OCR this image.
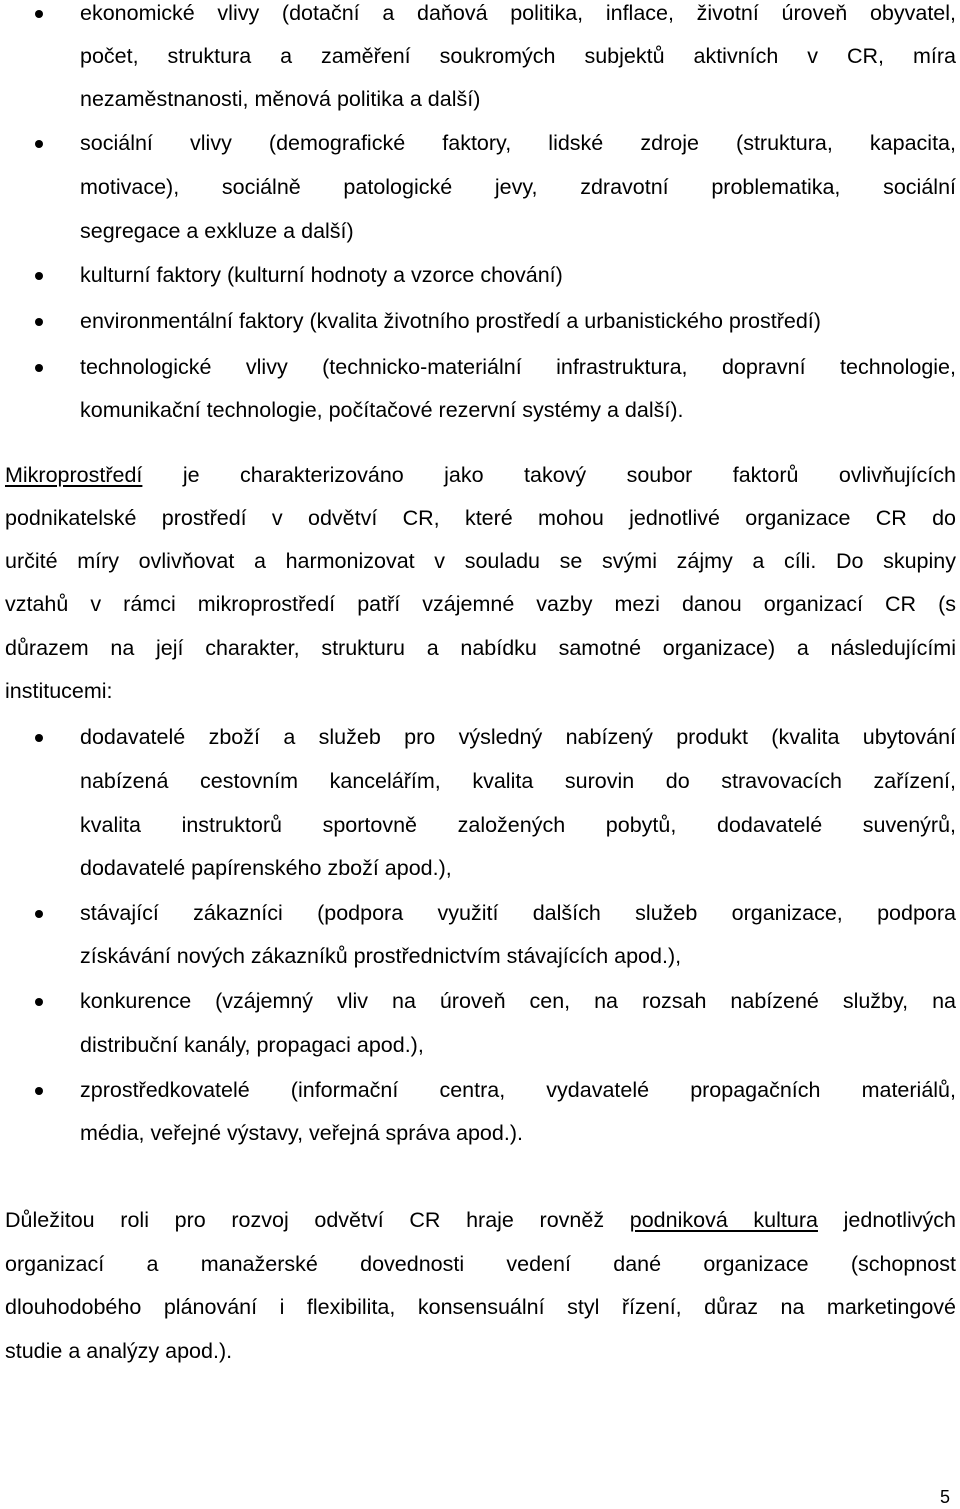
ekonomické vlivy (dotační a daňová politika, inflace, životní úroveň obyvatel,
počet, struktura a zaměření soukromých subjektů aktivních v CR, míra
nezaměstnanosti, měnová politika a další)
sociální vlivy (demografické faktory, lidské zdroje (struktura, kapacita,
motivace), sociálně patologické jevy, zdravotní problematika, sociální
segregace a exkluze a další)
kulturní faktory (kulturní hodnoty a vzorce chování)
environmentální faktory (kvalita životního prostředí a urbanistického prostředí)
technologické vlivy (technicko-materiální infrastruktura, dopravní technologie,
komunikační technologie, počítačové rezervní systémy a další).
Mikroprostředí je charakterizováno jako takový soubor faktorů ovlivňujících
podnikatelské prostředí v odvětví CR, které mohou jednotlivé organizace CR do
určité míry ovlivňovat a harmonizovat v souladu se svými zájmy a cíli. Do skupiny
vztahů v rámci mikroprostředí patří vzájemné vazby mezi danou organizací CR (s
důrazem na její charakter, strukturu a nabídku samotné organizace) a následujícími
institucemi:
dodavatelé zboží a služeb pro výsledný nabízený produkt (kvalita ubytování
nabízená cestovním kancelářím, kvalita surovin do stravovacích zařízení,
kvalita instruktorů sportovně založených pobytů, dodavatelé suvenýrů,
dodavatelé papírenského zboží apod.),
stávající zákazníci (podpora využití dalších služeb organizace, podpora
získávání nových zákazníků prostřednictvím stávajících apod.),
konkurence (vzájemný vliv na úroveň cen, na rozsah nabízené služby, na
distribuční kanály, propagaci apod.),
zprostředkovatelé (informační centra, vydavatelé propagačních materiálů,
média, veřejné výstavy, veřejná správa apod.).
Důležitou roli pro rozvoj odvětví CR hraje rovněž podniková kultura jednotlivých
organizací a manažerské dovednosti vedení dané organizace (schopnost
dlouhodobého plánování i flexibilita, konsensuální styl řízení, důraz na marketingové
studie a analýzy apod.).
5
